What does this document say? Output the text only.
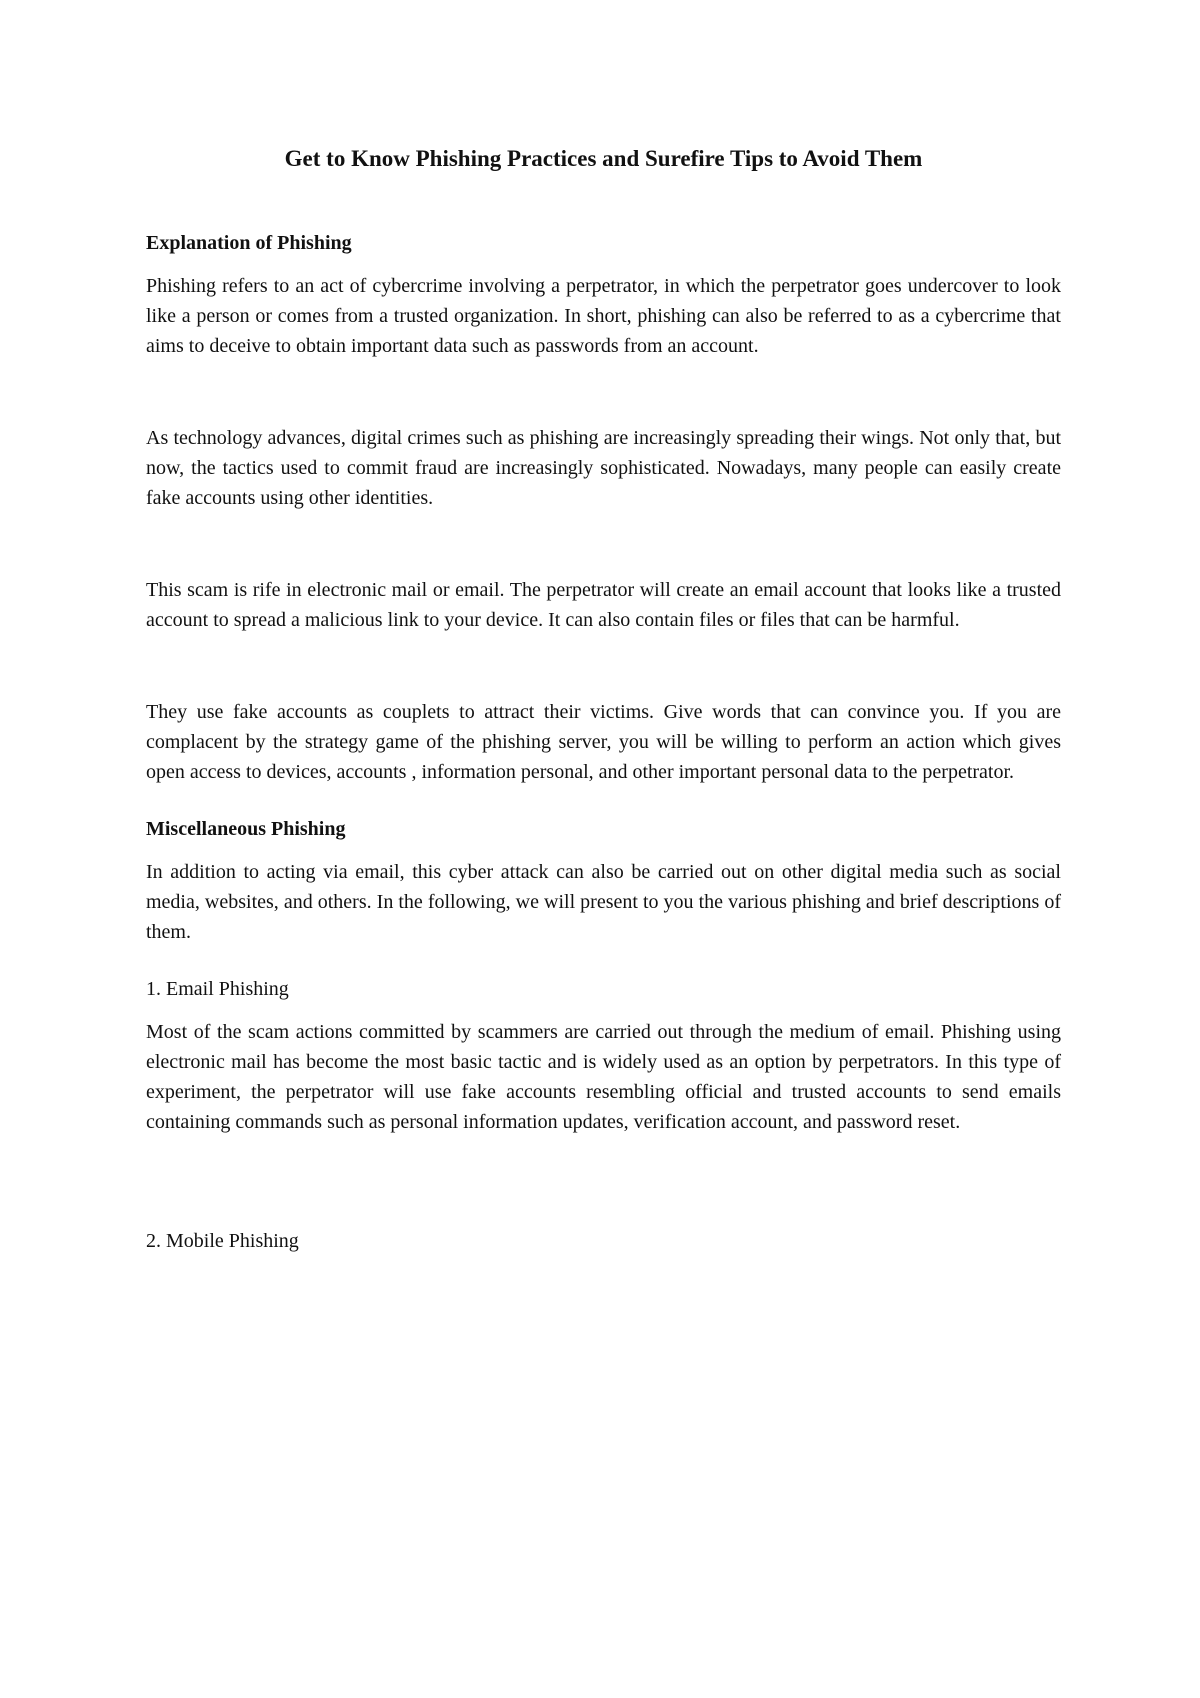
Get to Know Phishing Practices and Surefire Tips to Avoid Them
Explanation of Phishing

Phishing refers to an act of cybercrime involving a perpetrator, in which the perpetrator goes undercover to look like a person or comes from a trusted organization. In short, phishing can also be referred to as a cybercrime that aims to deceive to obtain important data such as passwords from an account.

As technology advances, digital crimes such as phishing are increasingly spreading their wings. Not only that, but now, the tactics used to commit fraud are increasingly sophisticated. Nowadays, many people can easily create fake accounts using other identities.

This scam is rife in electronic mail or email. The perpetrator will create an email account that looks like a trusted account to spread a malicious link to your device. It can also contain files or files that can be harmful.

They use fake accounts as couplets to attract their victims. Give words that can convince you. If you are complacent by the strategy game of the phishing server, you will be willing to perform an action which gives open access to devices, accounts , information personal, and other important personal data to the perpetrator.

Miscellaneous Phishing

In addition to acting via email, this cyber attack can also be carried out on other digital media such as social media, websites, and others. In the following, we will present to you the various phishing and brief descriptions of them.

1. Email Phishing

Most of the scam actions committed by scammers are carried out through the medium of email. Phishing using electronic mail has become the most basic tactic and is widely used as an option by perpetrators. In this type of experiment, the perpetrator will use fake accounts resembling official and trusted accounts to send emails containing commands such as personal information updates, verification account, and password reset.

2. Mobile Phishing
